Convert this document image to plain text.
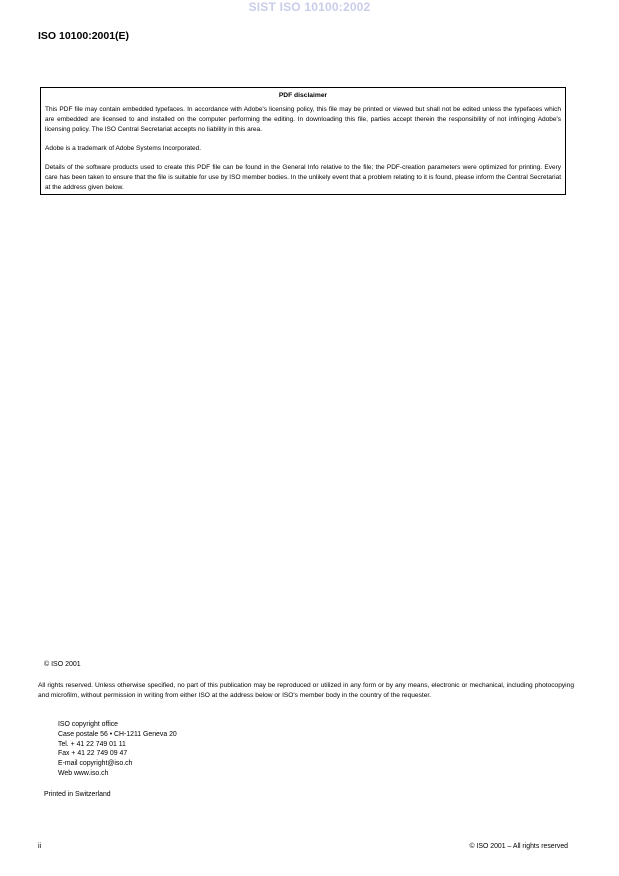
SIST ISO 10100:2002
ISO 10100:2001(E)
PDF disclaimer

This PDF file may contain embedded typefaces. In accordance with Adobe's licensing policy, this file may be printed or viewed but shall not be edited unless the typefaces which are embedded are licensed to and installed on the computer performing the editing. In downloading this file, parties accept therein the responsibility of not infringing Adobe's licensing policy. The ISO Central Secretariat accepts no liability in this area.

Adobe is a trademark of Adobe Systems Incorporated.

Details of the software products used to create this PDF file can be found in the General Info relative to the file; the PDF-creation parameters were optimized for printing. Every care has been taken to ensure that the file is suitable for use by ISO member bodies. In the unlikely event that a problem relating to it is found, please inform the Central Secretariat at the address given below.

© ISO 2001

All rights reserved. Unless otherwise specified, no part of this publication may be reproduced or utilized in any form or by any means, electronic or mechanical, including photocopying and microfilm, without permission in writing from either ISO at the address below or ISO's member body in the country of the requester.

ISO copyright office
Case postale 56 • CH-1211 Geneva 20
Tel. + 41 22 749 01 11
Fax + 41 22 749 09 47
E-mail copyright@iso.ch
Web www.iso.ch
Printed in Switzerland
ii	© ISO 2001 – All rights reserved
